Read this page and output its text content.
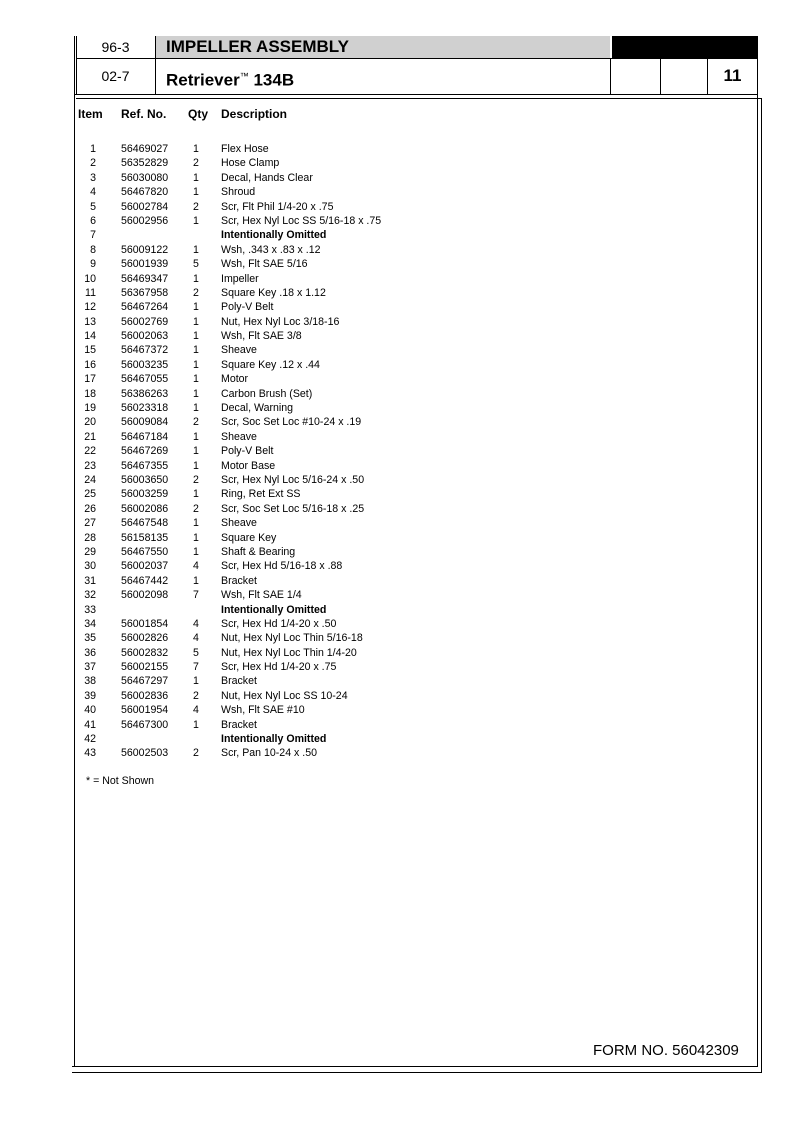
96-3
02-7
IMPELLER ASSEMBLY
Retriever™ 134B	11
Item Ref. No. Qty Description
1 56469027 1 Flex Hose
2 56352829 2 Hose Clamp
3 56030080 1 Decal, Hands Clear
4 56467820 1 Shroud
5 56002784 2 Scr, Flt Phil 1/4-20 x .75
6 56002956 1 Scr, Hex Nyl Loc SS 5/16-18 x .75
7	Intentionally Omitted
8 56009122 1 Wsh, .343 x .83 x .12
9 56001939 5 Wsh, Flt SAE 5/16
10 56469347 1 Impeller
11 56367958 2 Square Key .18 x 1.12
12 56467264 1 Poly-V Belt
13 56002769 1 Nut, Hex Nyl Loc 3/18-16
14 56002063 1 Wsh, Flt SAE 3/8
15 56467372 1 Sheave
16 56003235 1 Square Key .12 x .44
17 56467055 1 Motor
18 56386263 1 Carbon Brush (Set)
19 56023318 1 Decal, Warning
20 56009084 2 Scr, Soc Set Loc #10-24 x .19
21 56467184 1 Sheave
22 56467269 1 Poly-V Belt
23 56467355 1 Motor Base
24 56003650 2 Scr, Hex Nyl Loc 5/16-24 x .50
25 56003259 1 Ring, Ret Ext SS
26 56002086 2 Scr, Soc Set Loc 5/16-18 x .25
27 56467548 1 Sheave
28 56158135 1 Square Key
29 56467550 1 Shaft & Bearing
30 56002037 4 Scr, Hex Hd 5/16-18 x .88
31 56467442 1 Bracket
32 56002098 7 Wsh, Flt SAE 1/4
33	Intentionally Omitted
34 56001854 4 Scr, Hex Hd 1/4-20 x .50
35 56002826 4 Nut, Hex Nyl Loc Thin 5/16-18
36 56002832 5 Nut, Hex Nyl Loc Thin 1/4-20
37 56002155 7 Scr, Hex Hd 1/4-20 x .75
38 56467297 1 Bracket
39 56002836 2 Nut, Hex Nyl Loc SS 10-24
40 56001954 4 Wsh, Flt SAE #10
41 56467300 1 Bracket
42	Intentionally Omitted
43 56002503 2 Scr, Pan 10-24 x .50
* = Not Shown
FORM NO. 56042309
